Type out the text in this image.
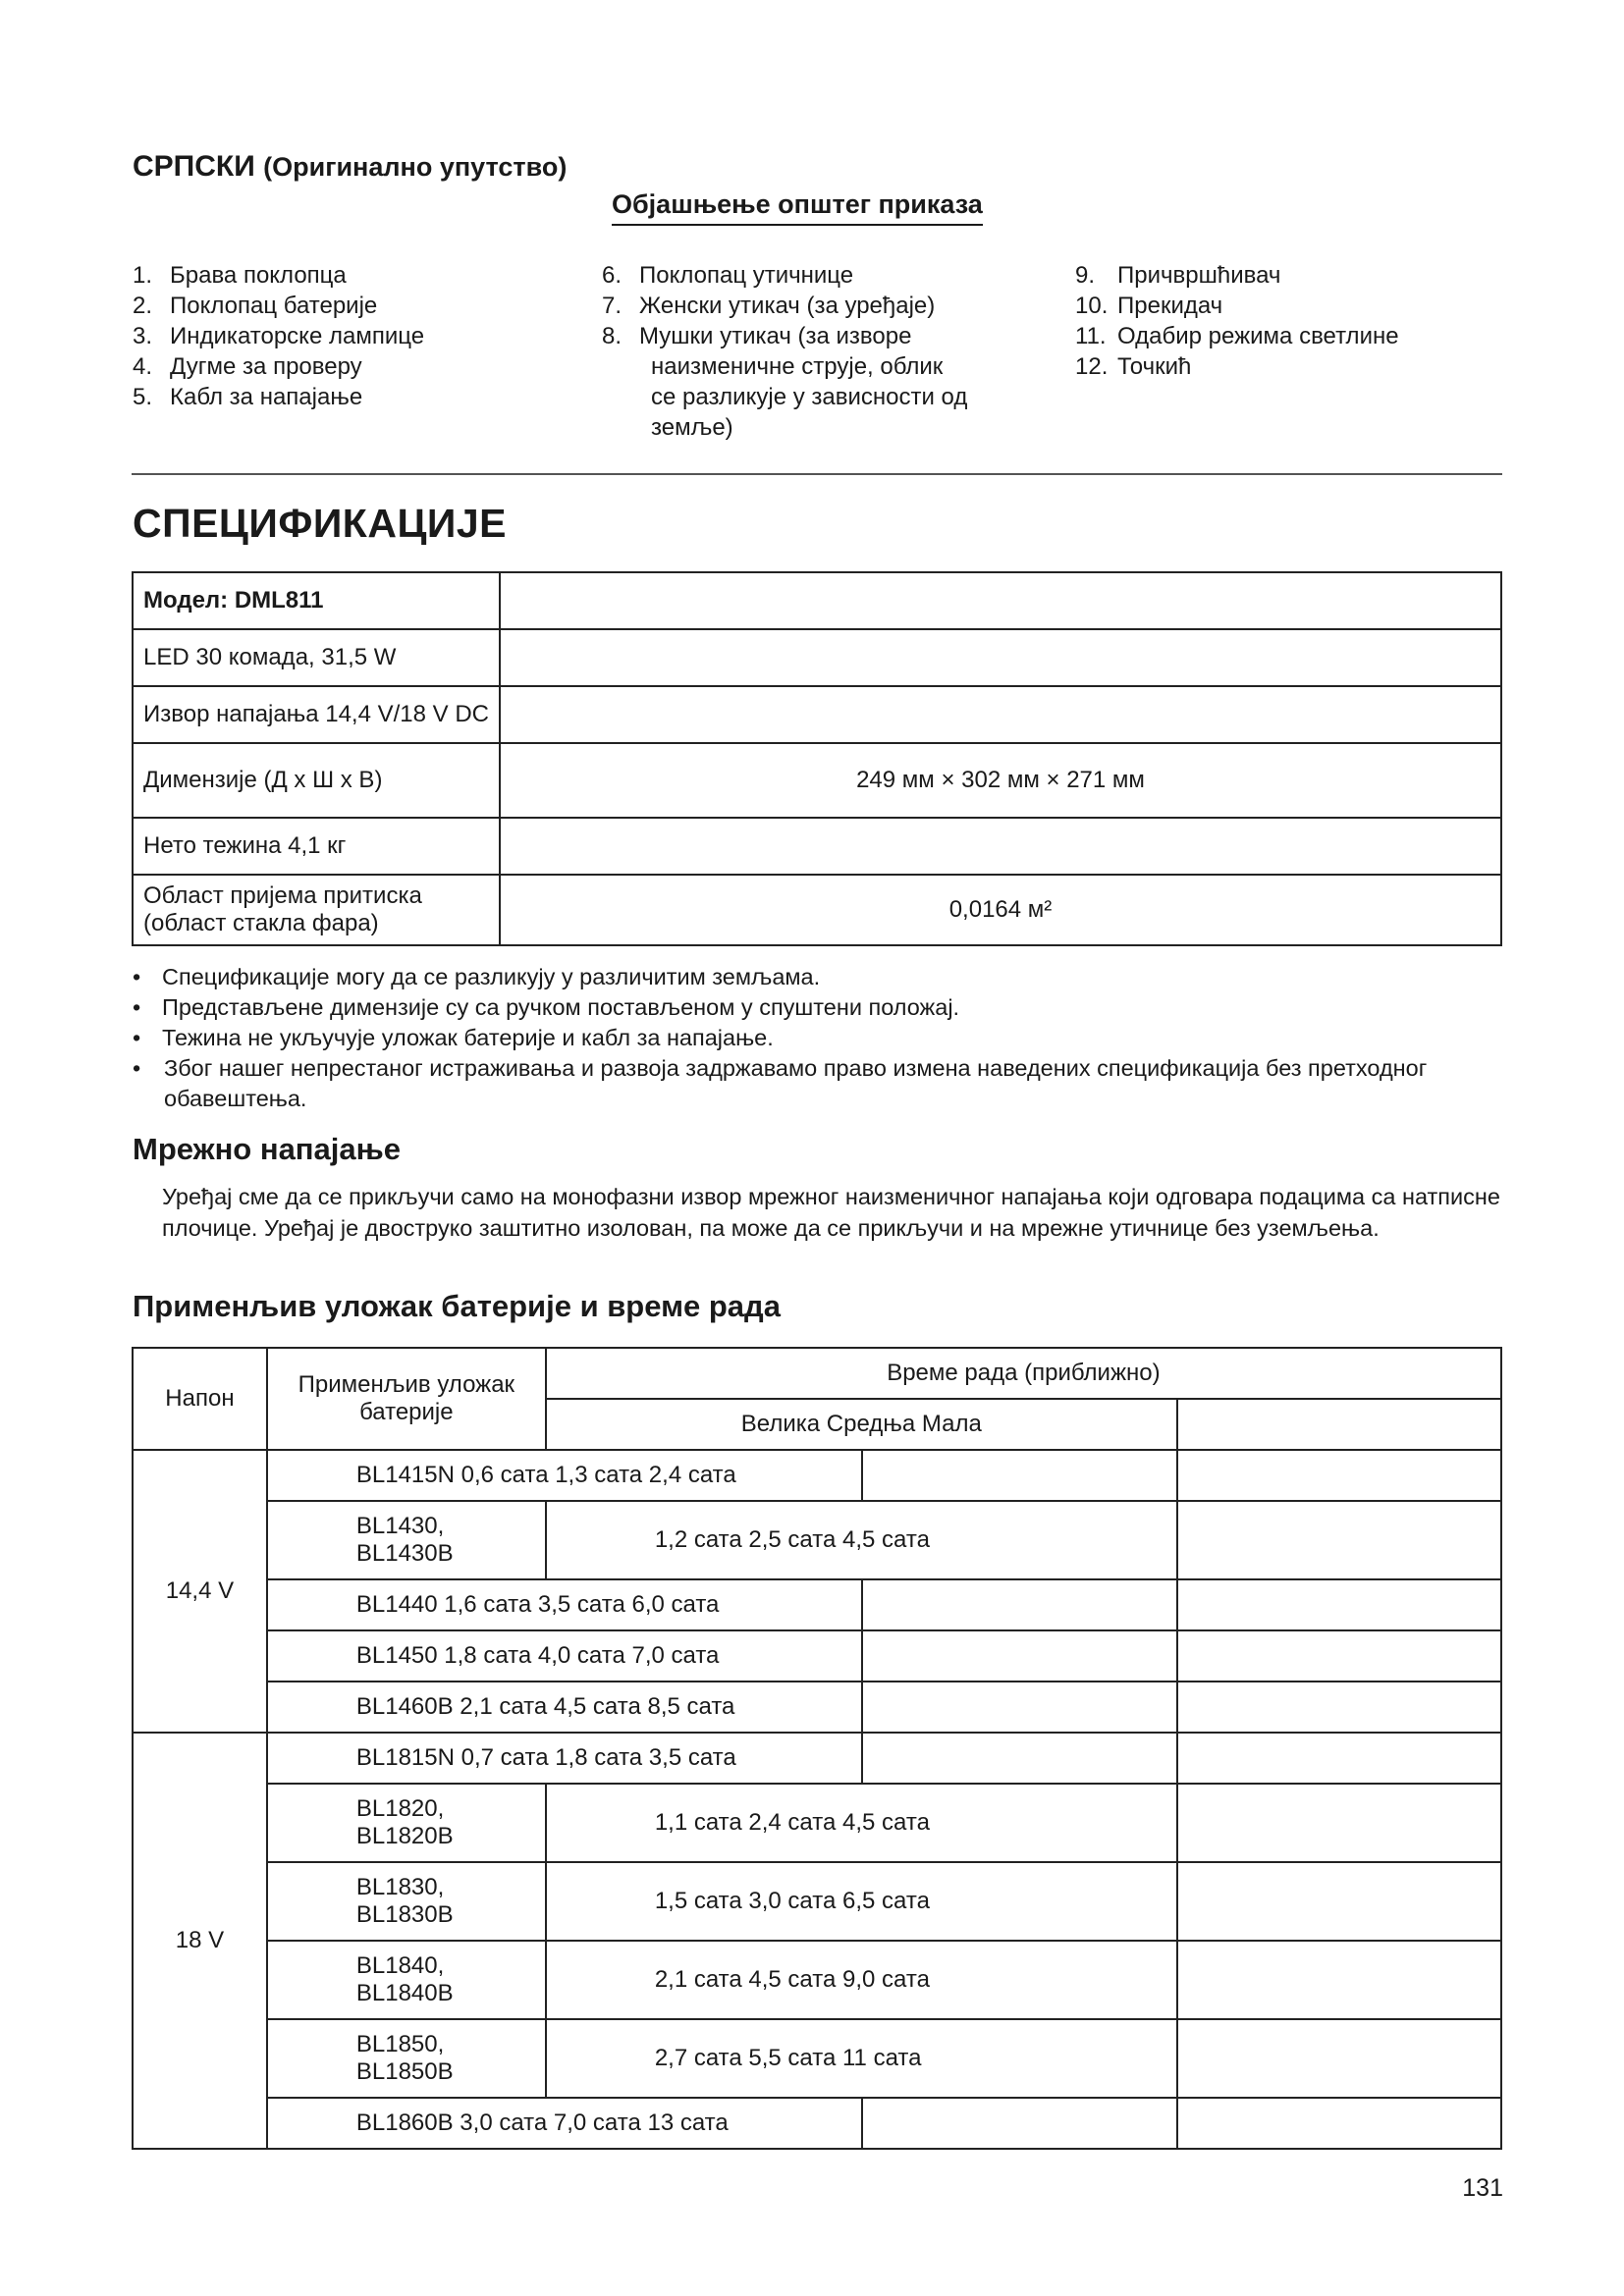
СРПСКИ (Оригинално упутство)
Објашњење општег приказа
1. Брава поклопца
2. Поклопац батерије
3. Индикаторске лампице
4. Дугме за проверу
5. Кабл за напајање
6. Поклопац утичнице
7. Женски утикач (за уређаје)
8. Мушки утикач (за изворе
наизменичне струје, облик
се разликује у зависности од
земље)
9. Причвршћивач
10. Прекидач
11. Одабир режима светлине
12. Точкић
СПЕЦИФИКАЦИЈЕ
Модел: DML811	
LED 30 комада, 31,5 W	
Извор напајања 14,4 V/18 V DC	
Димензије (Д x Ш x В)	249 мм × 302 мм × 271 мм
Нето тежина 4,1 кг	
Област пријема притиска (област стакла фара)	0,0164 м²
• Спецификације могу да се разликују у различитим земљама.
• Представљене димензије су са ручком постављеном у спуштени положај.
• Тежина не укључује уложак батерије и кабл за напајање.
• Због нашег непрестаног истраживања и развоја задржавамо право измена наведених спецификација без претходног обавештења.
Мрежно напајање
Уређај сме да се прикључи само на монофазни извор мрежног наизменичног напајања који одговара подацима са натписне плочице. Уређај је двоструко заштитно изолован, па може да се прикључи и на мрежне утичнице без уземљења.
Применљив уложак батерије и време рада
Напон	Применљив уложак батерије	Време рада (приближно)		
		Велика Средња Мала		
14,4 V	BL1415N 0,6 сата 1,3 сата 2,4 сата			
	BL1430, BL1430B	1,2 сата 2,5 сата 4,5 сата		
	BL1440 1,6 сата 3,5 сата 6,0 сата			
	BL1450 1,8 сата 4,0 сата 7,0 сата			
	BL1460B 2,1 сата 4,5 сата 8,5 сата			
18 V	BL1815N 0,7 сата 1,8 сата 3,5 сата			
	BL1820, BL1820B	1,1 сата 2,4 сата 4,5 сата		
	BL1830, BL1830B	1,5 сата 3,0 сата 6,5 сата		
	BL1840, BL1840B	2,1 сата 4,5 сата 9,0 сата		
	BL1850, BL1850B	2,7 сата 5,5 сата 11 сата		
	BL1860B 3,0 сата 7,0 сата 13 сата			
131
